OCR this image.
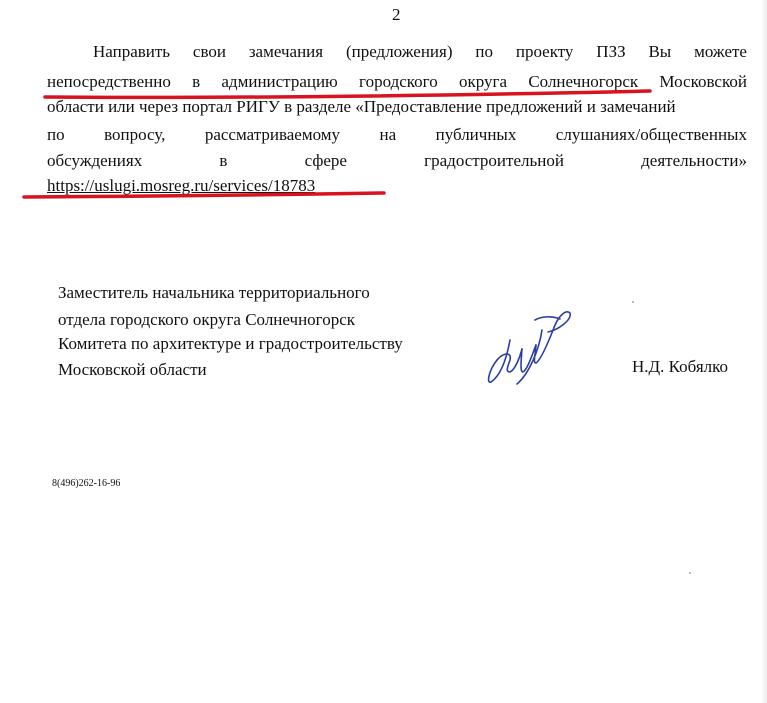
2
Направить свои замечания (предложения) по проекту ПЗЗ Вы можете
непосредственно в администрацию городского округа Солнечногорск Московской
области или через портал РИГУ в разделе «Предоставление предложений и замечаний
по вопросу, рассматриваемому на публичных слушаниях/общественных
обсуждениях	в	сфере	градостроительной	деятельности»
https://uslugi.mosreg.ru/services/18783
Заместитель начальника территориального
отдела городского округа Солнечногорск
Комитета по архитектуре и градостроительству
Московской области	Н.Д. Кобялко
8(496)262-16-96
